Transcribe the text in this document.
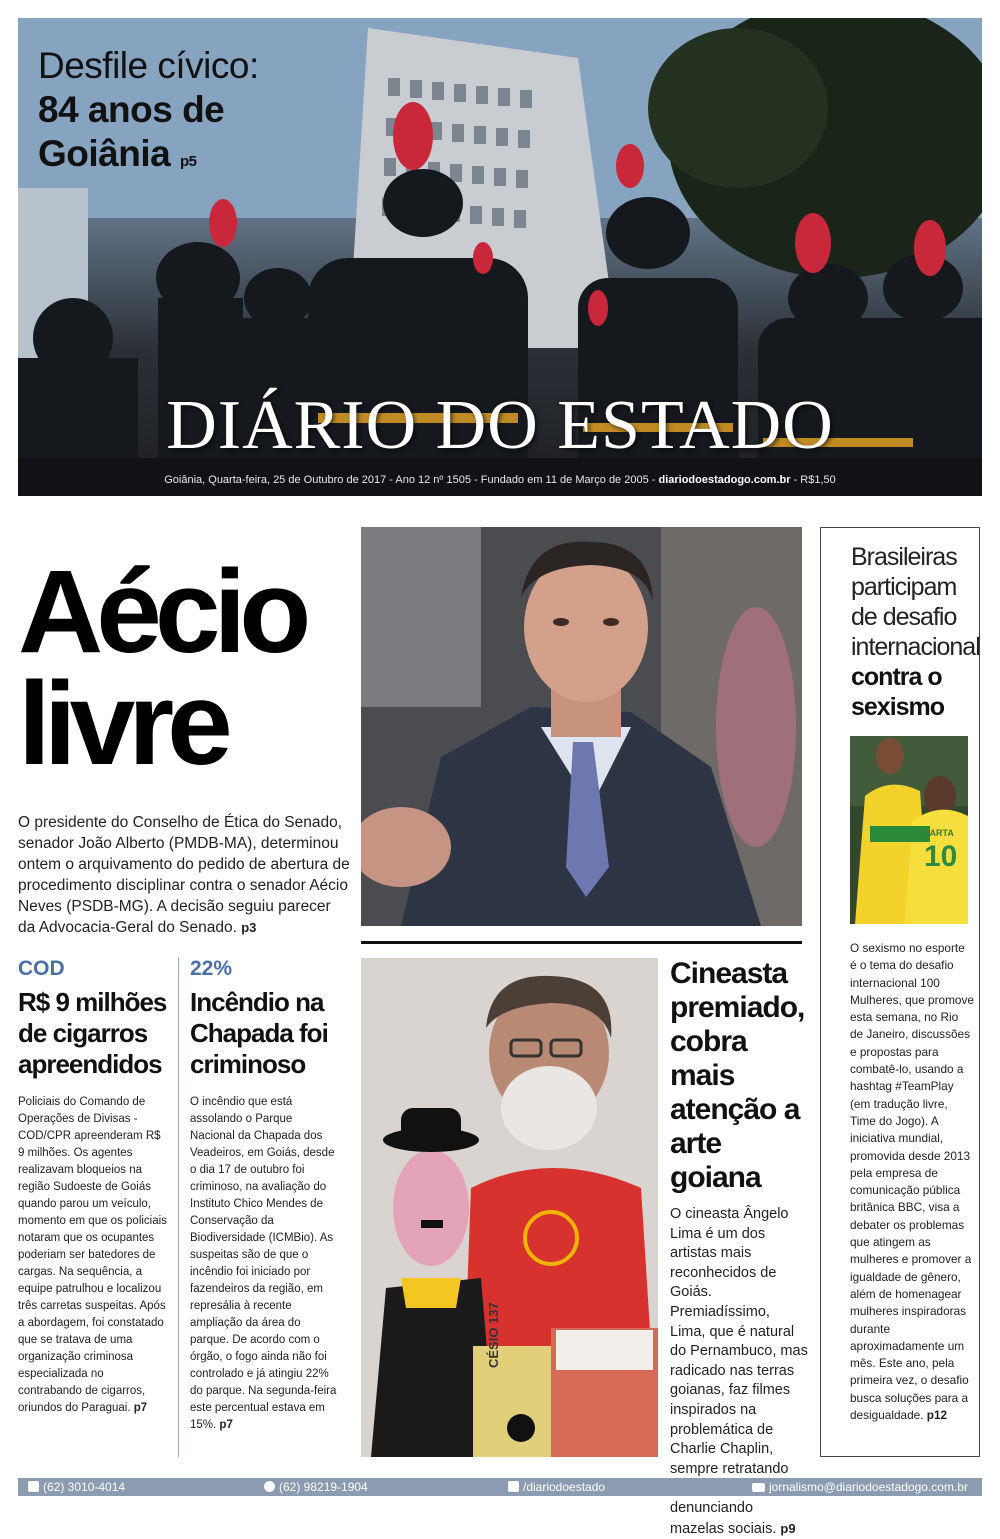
Desfile cívico:
84 anos de
Goiânia p5
DIÁRIO DO ESTADO
Goiânia, Quarta-feira, 25 de Outubro de 2017 - Ano 12 nº 1505 - Fundado em 11 de Março de 2005 - diariodoestadogo.com.br - R$1,50
Aécio
livre
O presidente do Conselho de Ética do Senado, senador João Alberto (PMDB-MA), determinou ontem o arquivamento do pedido de abertura de procedimento disciplinar contra o senador Aécio Neves (PSDB-MG). A decisão seguiu parecer da Advocacia-Geral do Senado. p3
COD
R$ 9 milhões de cigarros apreendidos
Policiais do Comando de Operações de Divisas - COD/CPR apreenderam R$ 9 milhões. Os agentes realizavam bloqueios na região Sudoeste de Goiás quando parou um veículo, momento em que os policiais notaram que os ocupantes poderiam ser batedores de cargas. Na sequência, a equipe patrulhou e localizou três carretas suspeitas. Após a abordagem, foi constatado que se tratava de uma organização criminosa especializada no contrabando de cigarros, oriundos do Paraguai. p7
22%
Incêndio na Chapada foi criminoso
O incêndio que está assolando o Parque Nacional da Chapada dos Veadeiros, em Goiás, desde o dia 17 de outubro foi criminoso, na avaliação do Instituto Chico Mendes de Conservação da Biodiversidade (ICMBio). As suspeitas são de que o incêndio foi iniciado por fazendeiros da região, em represália à recente ampliação da área do parque. De acordo com o órgão, o fogo ainda não foi controlado e já atingiu 22% do parque. Na segunda-feira este percentual estava em 15%. p7
Cineasta premiado, cobra mais atenção a arte goiana
O cineasta Ângelo Lima é um dos artistas mais reconhecidos de Goiás. Premiadíssimo, Lima, que é natural do Pernambuco, mas radicado nas terras goianas, faz filmes inspirados na problemática de Charlie Chaplin, sempre retratando denunciando mazelas sociais. p9
Brasileiras participam de desafio internacional
contra o sexismo
MARTA
10
O sexismo no esporte é o tema do desafio internacional 100 Mulheres, que promove esta semana, no Rio de Janeiro, discussões e propostas para combatê-lo, usando a hashtag #TeamPlay (em tradução livre, Time do Jogo). A iniciativa mundial, promovida desde 2013 pela empresa de comunicação pública britânica BBC, visa a debater os problemas que atingem as mulheres e promover a igualdade de gênero, além de homenagear mulheres inspiradoras durante aproximadamente um mês. Este ano, pela primeira vez, o desafio busca soluções para a desigualdade. p12
(62) 3010-4014	(62) 98219-1904	/diariodoestado	jornalismo@diariodoestadogo.com.br
